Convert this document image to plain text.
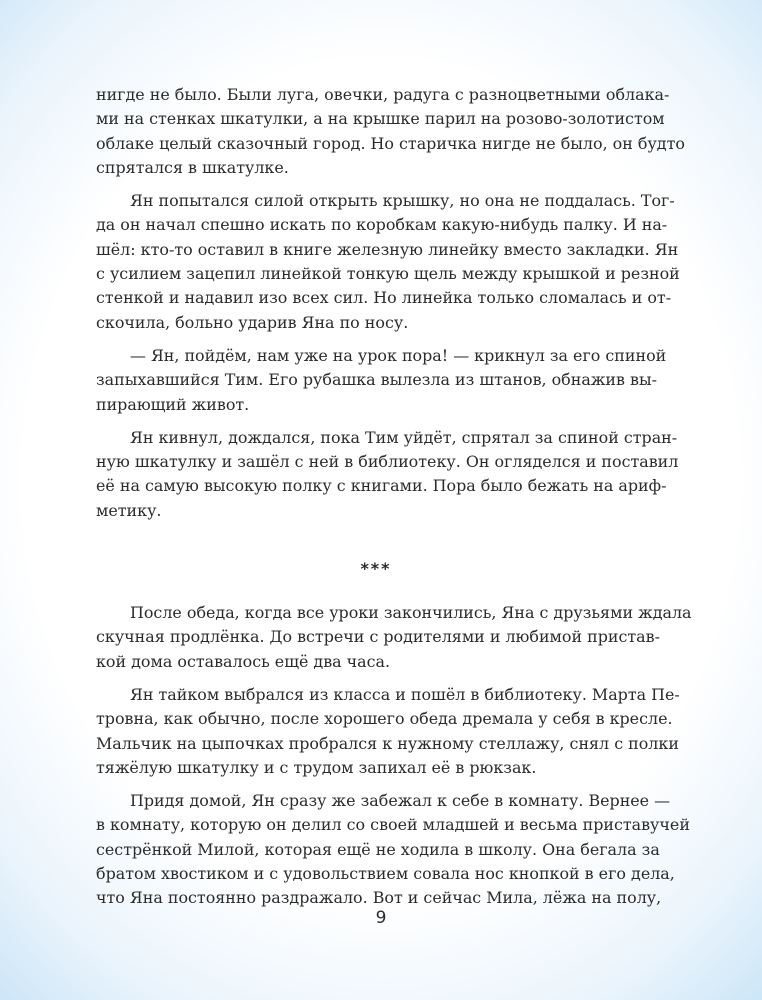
нигде не было. Были луга, овечки, радуга с разноцветными облака-
ми на стенках шкатулки, а на крышке парил на розово-золотистом
облаке целый сказочный город. Но старичка нигде не было, он будто
спрятался в шкатулке.
Ян попытался силой открыть крышку, но она не поддалась. Тог-
да он начал спешно искать по коробкам какую-нибудь палку. И на-
шёл: кто-то оставил в книге железную линейку вместо закладки. Ян
с усилием зацепил линейкой тонкую щель между крышкой и резной
стенкой и надавил изо всех сил. Но линейка только сломалась и от-
скочила, больно ударив Яна по носу.
— Ян, пойдём, нам уже на урок пора! — крикнул за его спиной
запыхавшийся Тим. Его рубашка вылезла из штанов, обнажив вы-
пирающий живот.
Ян кивнул, дождался, пока Тим уйдёт, спрятал за спиной стран-
ную шкатулку и зашёл с ней в библиотеку. Он огляделся и поставил
её на самую высокую полку с книгами. Пора было бежать на ариф-
метику.
***
После обеда, когда все уроки закончились, Яна с друзьями ждала
скучная продлёнка. До встречи с родителями и любимой пристав-
кой дома оставалось ещё два часа.
Ян тайком выбрался из класса и пошёл в библиотеку. Марта Пе-
тровна, как обычно, после хорошего обеда дремала у себя в кресле.
Мальчик на цыпочках пробрался к нужному стеллажу, снял с полки
тяжёлую шкатулку и с трудом запихал её в рюкзак.
Придя домой, Ян сразу же забежал к себе в комнату. Вернее —
в комнату, которую он делил со своей младшей и весьма приставучей
сестрёнкой Милой, которая ещё не ходила в школу. Она бегала за
братом хвостиком и с удовольствием совала нос кнопкой в его дела,
что Яна постоянно раздражало. Вот и сейчас Мила, лёжа на полу,
9
